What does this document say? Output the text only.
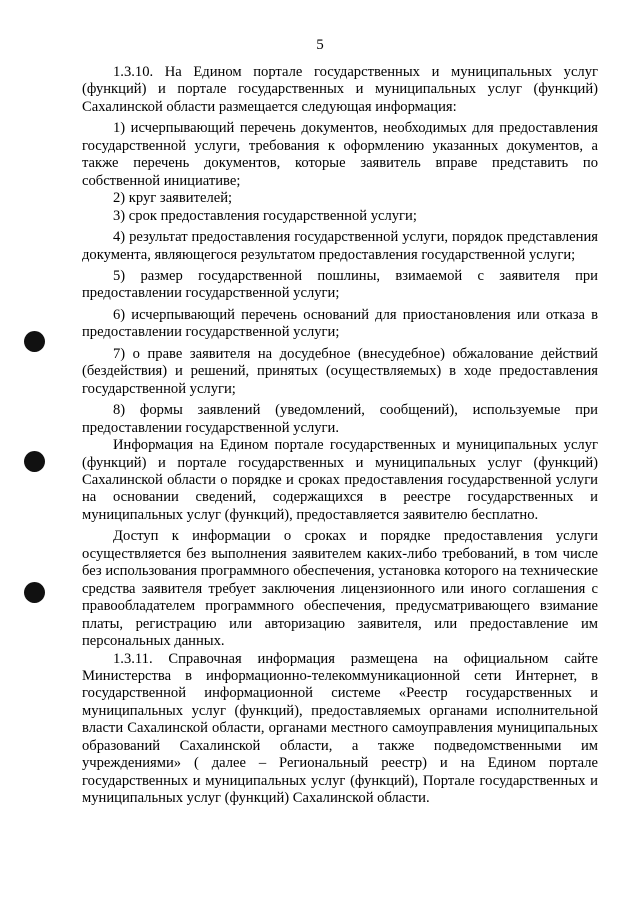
5

1.3.10. На Едином портале государственных и муниципальных услуг (функций) и портале государственных и муниципальных услуг (функций) Сахалинской области размещается следующая информация:

1) исчерпывающий перечень документов, необходимых для предоставления государственной услуги, требования к оформлению указанных документов, а также перечень документов, которые заявитель вправе представить по собственной инициативе;

2) круг заявителей;

3) срок предоставления государственной услуги;

4) результат предоставления государственной услуги, порядок представления документа, являющегося результатом предоставления государственной услуги;

5) размер государственной пошлины, взимаемой с заявителя при предоставлении государственной услуги;

6) исчерпывающий перечень оснований для приостановления или отказа в предоставлении государственной услуги;

7) о праве заявителя на досудебное (внесудебное) обжалование действий (бездействия) и решений, принятых (осуществляемых) в ходе предоставления государственной услуги;

8) формы заявлений (уведомлений, сообщений), используемые при предоставлении государственной услуги.

Информация на Едином портале государственных и муниципальных услуг (функций) и портале государственных и муниципальных услуг (функций) Сахалинской области о порядке и сроках предоставления государственной услуги на основании сведений, содержащихся в реестре государственных и муниципальных услуг (функций), предоставляется заявителю бесплатно.

Доступ к информации о сроках и порядке предоставления услуги осуществляется без выполнения заявителем каких-либо требований, в том числе без использования программного обеспечения, установка которого на технические средства заявителя требует заключения лицензионного или иного соглашения с правообладателем программного обеспечения, предусматривающего взимание платы, регистрацию или авторизацию заявителя, или предоставление им персональных данных.

1.3.11. Справочная информация размещена на официальном сайте Министерства в информационно-телекоммуникационной сети Интернет, в государственной информационной системе «Реестр государственных и муниципальных услуг (функций), предоставляемых органами исполнительной власти Сахалинской области, органами местного самоуправления муниципальных образований Сахалинской области, а также подведомственными им учреждениями» ( далее – Региональный реестр) и на Едином портале государственных и муниципальных услуг (функций), Портале государственных и муниципальных услуг (функций) Сахалинской области.
